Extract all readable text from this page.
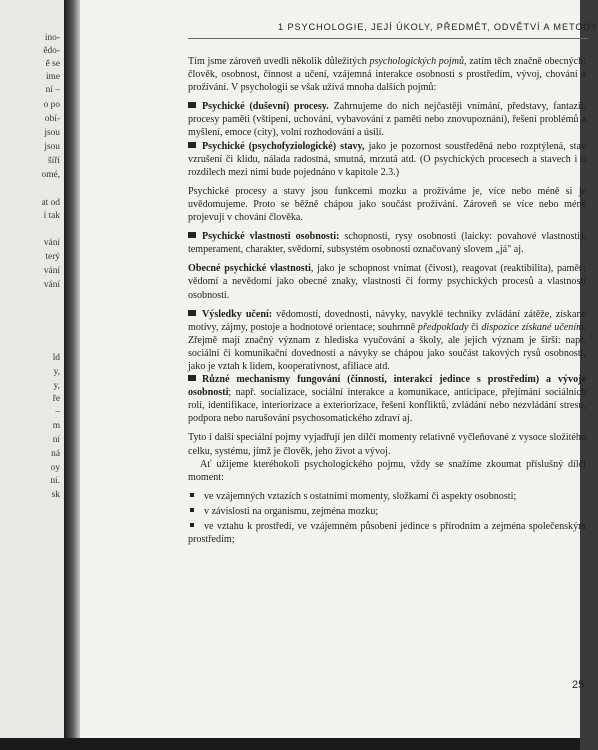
ino-
ědo-
ě se
ime
ní –
o po
obí-
jsou
jsou
šíří
omé,
at od
í tak
vání
terý
vání
vání
ld
y,
y,
ře
–
m
ní
ná
oy
ní.
sk
1 PSYCHOLOGIE, JEJÍ ÚKOLY, PŘEDMĚT, ODVĚTVÍ A METODY

Tím jsme zároveň uvedli několik důležitých psychologických pojmů, zatím těch značně obecných: člověk, osobnost, činnost a učení, vzájemná interakce osobnosti s prostředím, vývoj, chování a prožívání. V psychologii se však užívá mnoha dalších pojmů:

Psychické (duševní) procesy. Zahrnujeme do nich nejčastěji vnímání, představy, fantazii, procesy paměti (vštípení, uchování, vybavování z paměti nebo znovupoznání), řešení problémů a myšlení, emoce (city), volní rozhodování a úsilí.

Psychické (psychofyziologické) stavy, jako je pozornost soustředěná nebo rozptýlená, stav vzrušení či klidu, nálada radostná, smutná, mrzutá atd. (O psychických procesech a stavech i o rozdílech mezi nimi bude pojednáno v kapitole 2.3.)

Psychické procesy a stavy jsou funkcemi mozku a prožíváme je, více nebo méně si je uvědomujeme. Proto se běžně chápou jako součást prožívání. Zároveň se více nebo méně projevují v chování člověka.

Psychické vlastnosti osobnosti: schopnosti, rysy osobnosti (laicky: povahové vlastnosti), temperament, charakter, svědomí, subsystém osobnosti označovaný slovem „já" aj.

Obecné psychické vlastnosti, jako je schopnost vnímat (čivost), reagovat (reaktibilita), paměť; vědomí a nevědomí jako obecné znaky, vlastnosti či formy psychických procesů a vlastností osobnosti.

Výsledky učení: vědomosti, dovednosti, návyky, navyklé techniky zvládání zátěže, získané motivy, zájmy, postoje a hodnotové orientace; souhrnně předpoklady či dispozice získané učením. Zřejmě mají značný význam z hlediska vyučování a školy, ale jejich význam je širší: např. sociální či komunikační dovednosti a návyky se chápou jako součást takových rysů osobnosti, jako je vztah k lidem, kooperativnost, afiliace atd.

Různé mechanismy fungování (činností, interakcí jedince s prostředím) a vývoje osobnosti; např. socializace, sociální interakce a komunikace, anticipace, přejímání sociálních rolí, identifikace, interiorizace a exteriorizace, řešení konfliktů, zvládání nebo nezvládání stresu, podpora nebo narušování psychosomatického zdraví aj.

Tyto i další speciální pojmy vyjadřují jen dílčí momenty relativně vyčleňované z vysoce složitého celku, systému, jímž je člověk, jeho život a vývoj.

Ať užijeme kteréhokoli psychologického pojmu, vždy se snažíme zkoumat příslušný dílčí moment:

ve vzájemných vztazích s ostatními momenty, složkami či aspekty osobnosti;
v závislosti na organismu, zejména mozku;
ve vztahu k prostředí, ve vzájemném působení jedince s přírodním a zejména společenským prostředím;
25
